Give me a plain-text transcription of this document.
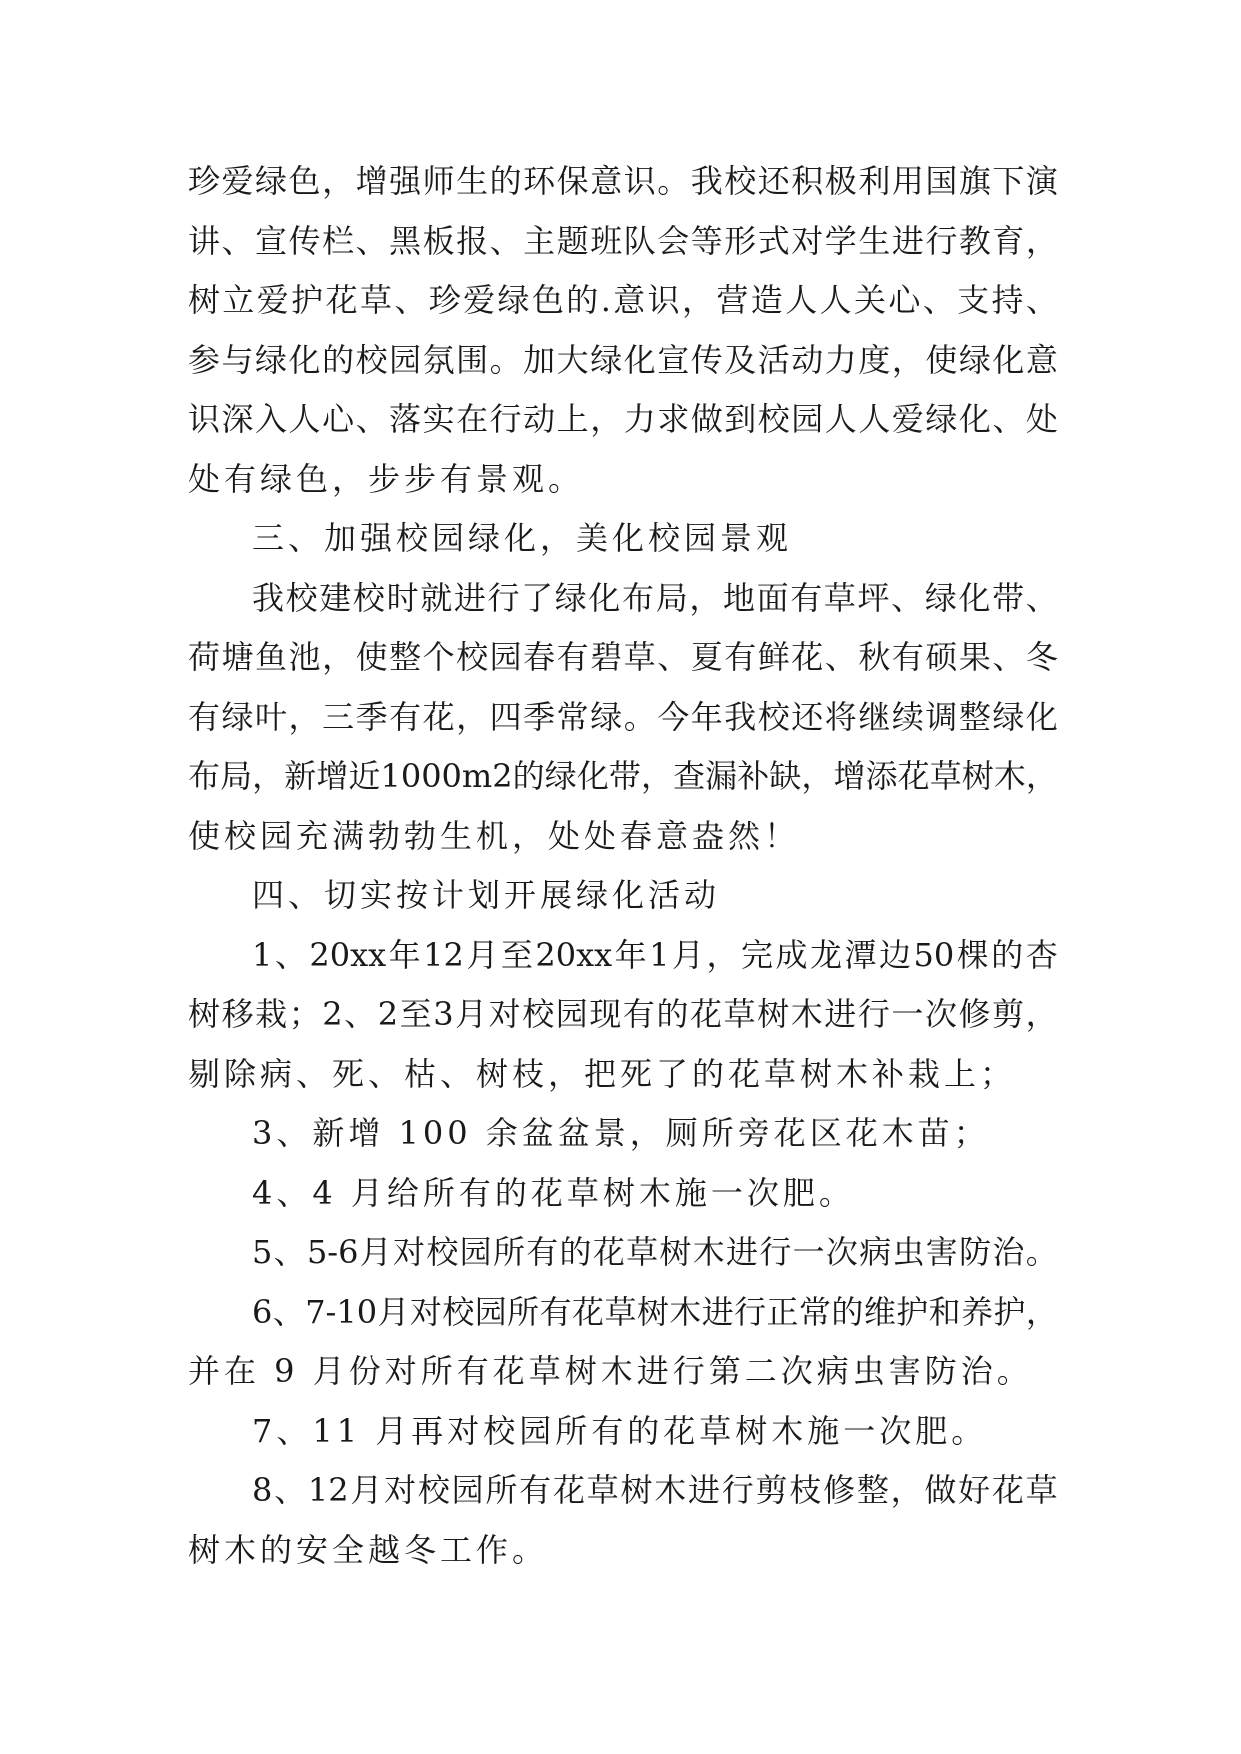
珍 爱 绿 色 ， 增 强 师 生 的 环 保 意 识 。 我 校 还 积 极 利 用 国 旗 下 演
讲 、 宣 传 栏 、 黑 板 报 、 主 题 班 队 会 等 形 式 对 学 生 进 行 教 育 ，
树 立 爱 护 花 草 、 珍 爱 绿 色 的 . 意 识 ， 营 造 人 人 关 心 、 支 持 、
参 与 绿 化 的 校 园 氛 围 。 加 大 绿 化 宣 传 及 活 动 力 度 ， 使 绿 化 意
识 深 入 人 心 、 落 实 在 行 动 上 ， 力 求 做 到 校 园 人 人 爱 绿 化 、 处
处有绿色，步步有景观。
三、加强校园绿化，美化校园景观
我 校 建 校 时 就 进 行 了 绿 化 布 局 ， 地 面 有 草 坪 、 绿 化 带 、
荷 塘 鱼 池 ， 使 整 个 校 园 春 有 碧 草 、 夏 有 鲜 花 、 秋 有 硕 果 、 冬
有 绿 叶 ， 三 季 有 花 ， 四 季 常 绿 。 今 年 我 校 还 将 继 续 调 整 绿 化
布 局 ， 新 增 近 1000m2 的 绿 化 带 ， 查 漏 补 缺 ， 增 添 花 草 树 木 ，
使校园充满勃勃生机，处处春意盎然！
四、切实按计划开展绿化活动
1 、 20xx 年 12 月 至 20xx 年 1 月 ， 完 成 龙 潭 边 50 棵 的 杏
树 移 栽 ； 2 、 2 至 3 月 对 校 园 现 有 的 花 草 树 木 进 行 一 次 修 剪 ，
剔除病、死、枯、树枝，把死了的花草树木补栽上；
3、新增 100 余盆盆景，厕所旁花区花木苗；
4、4 月给所有的花草树木施一次肥。
5 、 5-6 月 对 校 园 所 有 的 花 草 树 木 进 行 一 次 病 虫 害 防 治 。
6 、 7-10 月 对 校 园 所 有 花 草 树 木 进 行 正 常 的 维 护 和 养 护 ，
并在 9 月份对所有花草树木进行第二次病虫害防治。
7、11 月再对校园所有的花草树木施一次肥。
8 、 12 月 对 校 园 所 有 花 草 树 木 进 行 剪 枝 修 整 ， 做 好 花 草
树木的安全越冬工作。
